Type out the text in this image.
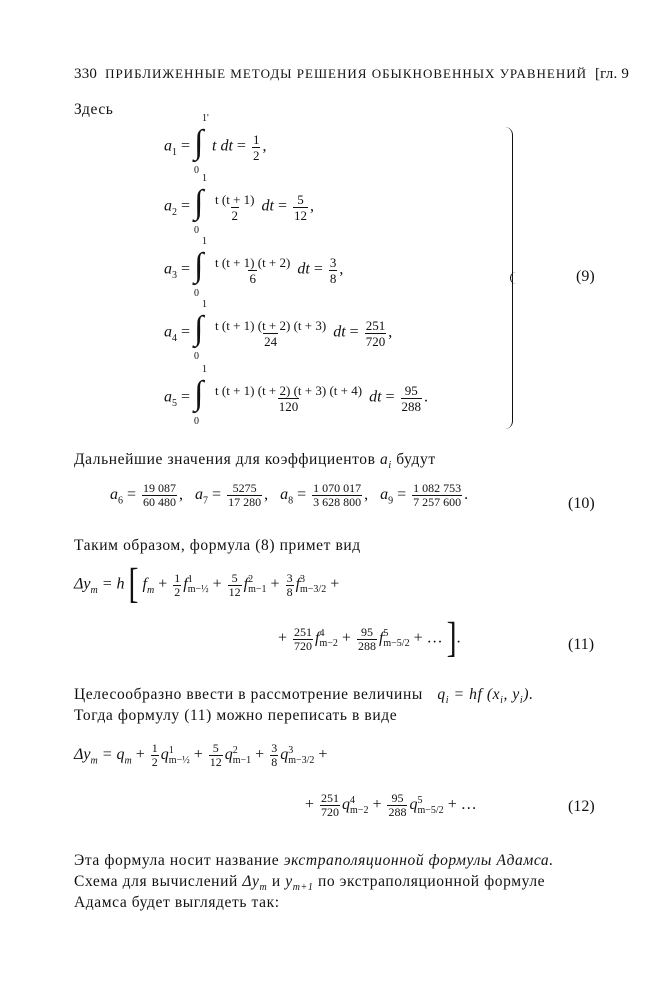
330 ПРИБЛИЖЕННЫЕ МЕТОДЫ РЕШЕНИЯ ОБЫКНОВЕННЫХ УРАВНЕНИЙ [гл. 9
Здесь
$a_1$ = ∫
1'
0
t dt = $\frac{1}{2}$ ,
$a_2$ = ∫
1
0

$\frac{t (t + 1)}{2}$ dt = $\frac{5}{12}$ ,
$a_3$ = ∫
1
0

$\frac{t (t + 1) (t + 2)}{6}$ dt = $\frac{3}{8}$ ,
$a_4$ = ∫
1
0

$\frac{t (t + 1) (t + 2) (t + 3)}{24}$ dt = $\frac{251}{720}$ ,
$a_5$ = ∫
1
0

$\frac{t (t + 1) (t + 2) (t + 3) (t + 4)}{120}$ dt = $\frac{95}{288}$ .
(9)
Дальнейшие значения для коэффициентов $a_i$ будут
$a_6 = \frac{19 087}{60 480}$ ,   $a_7 = \frac{5275}{17 280}$ ,   $a_8 = \frac{1 070 017}{3 628 800}$ ,   $a_9 = \frac{1 082 753}{7 257 600}$ .
(10)
Таким образом, формула (8) примет вид
$\Delta y_m = h$ [ $f_m + \frac{1}{2}$ f 1
m−½ + $\frac{5}{12}$ f 2
$m-1 + \frac{3}{8}$ f 3
m−3/2 +
+ $\frac{251}{720}$ f 4
$m-2 + \frac{95}{288}$ f 5
m−5/2 + … ].	(11)
Целесообразно ввести в рассмотрение величины $q_i$ = hf ($x_i$, $y_i$).
Тогда формулу (11) можно переписать в виде
$\Delta y_m = q_m + \frac{1}{2}$ q 1
m−½ + $\frac{5}{12}$ q 2
$m-1 + \frac{3}{8}$ q 3
m−3/2 +
+ $\frac{251}{720}$ q 4
$m-2 + \frac{95}{288}$ q 5
m−5/2 + …	(12)
Эта формула носит название экстраполяционной формулы Адамса.
Схема для вычислений $\Delta y_m$ и $y_{m+1}$ по экстраполяционной формуле
Адамса будет выглядеть так:
